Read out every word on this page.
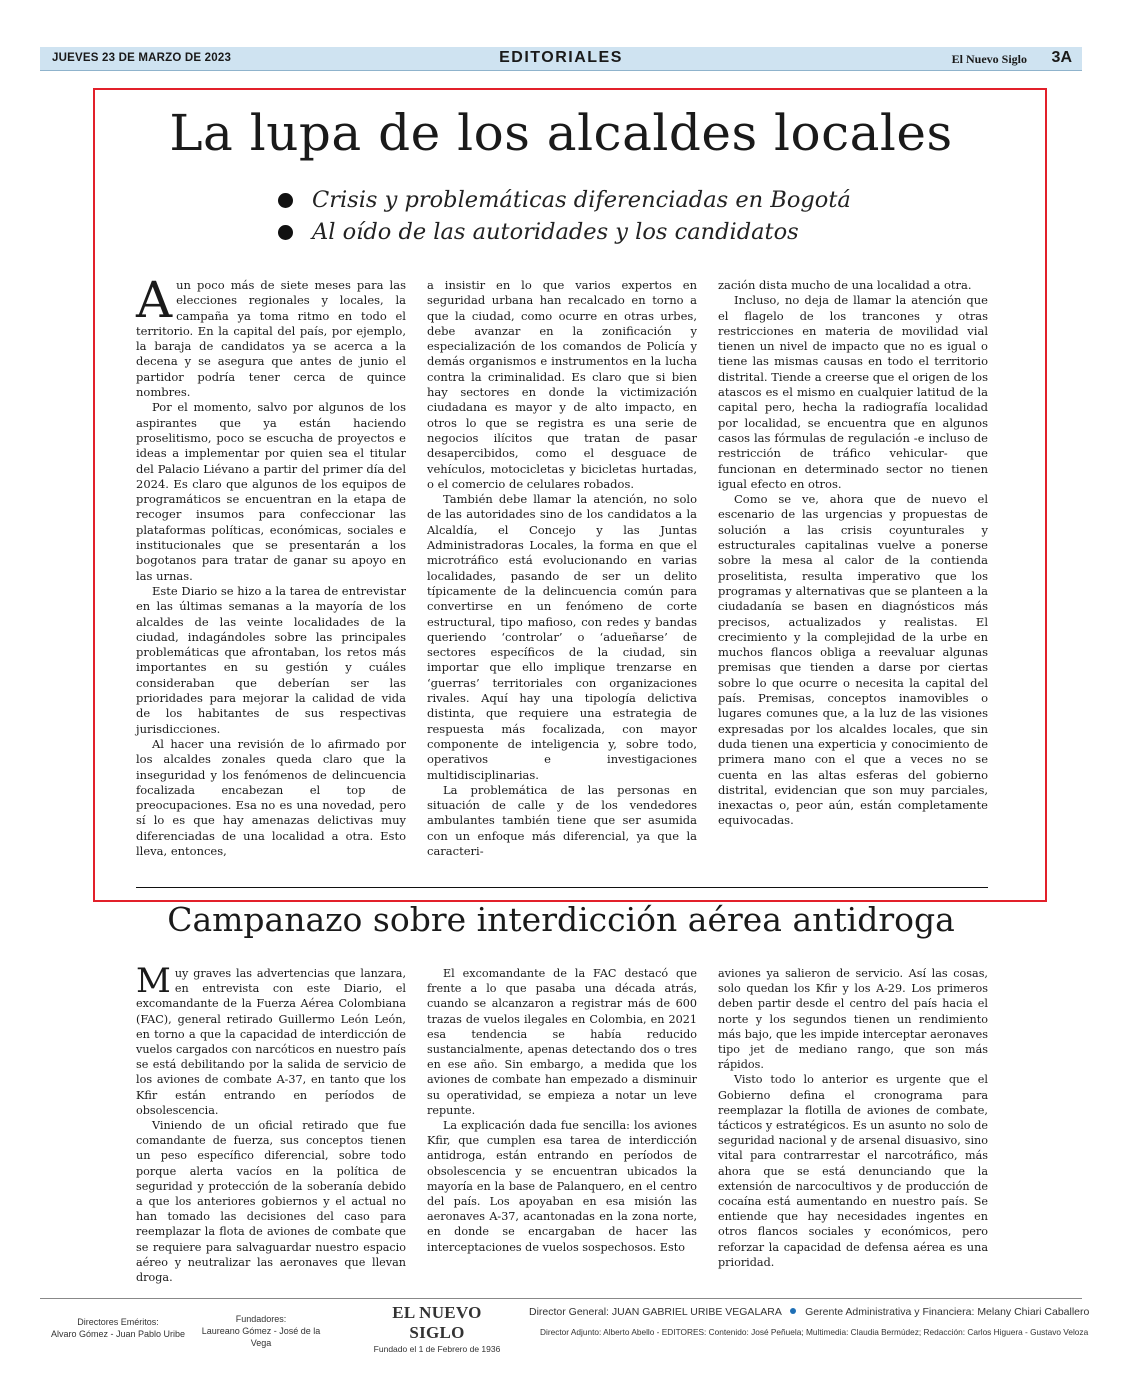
JUEVES 23 DE MARZO DE 2023	EDITORIALES	El Nuevo Siglo 3A
La lupa de los alcaldes locales
Crisis y problemáticas diferenciadas en Bogotá
Al oído de las autoridades y los candidatos

Aun poco más de siete meses para las elecciones regionales y locales, la campaña ya toma ritmo en todo el territorio. En la capital del país, por ejemplo, la baraja de candidatos ya se acerca a la decena y se asegura que antes de junio el partidor podría tener cerca de quince nombres.

Por el momento, salvo por algunos de los aspirantes que ya están haciendo proselitismo, poco se escucha de proyectos e ideas a implementar por quien sea el titular del Palacio Liévano a partir del primer día del 2024. Es claro que algunos de los equipos de programáticos se encuentran en la etapa de recoger insumos para confeccionar las plataformas políticas, económicas, sociales e institucionales que se presentarán a los bogotanos para tratar de ganar su apoyo en las urnas.

Este Diario se hizo a la tarea de entrevistar en las últimas semanas a la mayoría de los alcaldes de las veinte localidades de la ciudad, indagándoles sobre las principales problemáticas que afrontaban, los retos más importantes en su gestión y cuáles consideraban que deberían ser las prioridades para mejorar la calidad de vida de los habitantes de sus respectivas jurisdicciones.

Al hacer una revisión de lo afirmado por los alcaldes zonales queda claro que la inseguridad y los fenómenos de delincuencia focalizada encabezan el top de preocupaciones. Esa no es una novedad, pero sí lo es que hay amenazas delictivas muy diferenciadas de una localidad a otra. Esto lleva, entonces,

a insistir en lo que varios expertos en seguridad urbana han recalcado en torno a que la ciudad, como ocurre en otras urbes, debe avanzar en la zonificación y especialización de los comandos de Policía y demás organismos e instrumentos en la lucha contra la criminalidad. Es claro que si bien hay sectores en donde la victimización ciudadana es mayor y de alto impacto, en otros lo que se registra es una serie de negocios ilícitos que tratan de pasar desapercibidos, como el desguace de vehículos, motocicletas y bicicletas hurtadas, o el comercio de celulares robados.

También debe llamar la atención, no solo de las autoridades sino de los candidatos a la Alcaldía, el Concejo y las Juntas Administradoras Locales, la forma en que el microtráfico está evolucionando en varias localidades, pasando de ser un delito típicamente de la delincuencia común para convertirse en un fenómeno de corte estructural, tipo mafioso, con redes y bandas queriendo ‘controlar’ o ‘adueñarse’ de sectores específicos de la ciudad, sin importar que ello implique trenzarse en ‘guerras’ territoriales con organizaciones rivales. Aquí hay una tipología delictiva distinta, que requiere una estrategia de respuesta más focalizada, con mayor componente de inteligencia y, sobre todo, operativos e investigaciones multidisciplinarias.

La problemática de las personas en situación de calle y de los vendedores ambulantes también tiene que ser asumida con un enfoque más diferencial, ya que la caracteri-

zación dista mucho de una localidad a otra.

Incluso, no deja de llamar la atención que el flagelo de los trancones y otras restricciones en materia de movilidad vial tienen un nivel de impacto que no es igual o tiene las mismas causas en todo el territorio distrital. Tiende a creerse que el origen de los atascos es el mismo en cualquier latitud de la capital pero, hecha la radiografía localidad por localidad, se encuentra que en algunos casos las fórmulas de regulación -e incluso de restricción de tráfico vehicular- que funcionan en determinado sector no tienen igual efecto en otros.

Como se ve, ahora que de nuevo el escenario de las urgencias y propuestas de solución a las crisis coyunturales y estructurales capitalinas vuelve a ponerse sobre la mesa al calor de la contienda proselitista, resulta imperativo que los programas y alternativas que se planteen a la ciudadanía se basen en diagnósticos más precisos, actualizados y realistas. El crecimiento y la complejidad de la urbe en muchos flancos obliga a reevaluar algunas premisas que tienden a darse por ciertas sobre lo que ocurre o necesita la capital del país. Premisas, conceptos inamovibles o lugares comunes que, a la luz de las visiones expresadas por los alcaldes locales, que sin duda tienen una experticia y conocimiento de primera mano con el que a veces no se cuenta en las altas esferas del gobierno distrital, evidencian que son muy parciales, inexactas o, peor aún, están completamente equivocadas.

Campanazo sobre interdicción aérea antidroga

Muy graves las advertencias que lanzara, en entrevista con este Diario, el excomandante de la Fuerza Aérea Colombiana (FAC), general retirado Guillermo León León, en torno a que la capacidad de interdicción de vuelos cargados con narcóticos en nuestro país se está debilitando por la salida de servicio de los aviones de combate A-37, en tanto que los Kfir están entrando en períodos de obsolescencia.

Viniendo de un oficial retirado que fue comandante de fuerza, sus conceptos tienen un peso específico diferencial, sobre todo porque alerta vacíos en la política de seguridad y protección de la soberanía debido a que los anteriores gobiernos y el actual no han tomado las decisiones del caso para reemplazar la flota de aviones de combate que se requiere para salvaguardar nuestro espacio aéreo y neutralizar las aeronaves que llevan droga.

El excomandante de la FAC destacó que frente a lo que pasaba una década atrás, cuando se alcanzaron a registrar más de 600 trazas de vuelos ilegales en Colombia, en 2021 esa tendencia se había reducido sustancialmente, apenas detectando dos o tres en ese año. Sin embargo, a medida que los aviones de combate han empezado a disminuir su operatividad, se empieza a notar un leve repunte.

La explicación dada fue sencilla: los aviones Kfir, que cumplen esa tarea de interdicción antidroga, están entrando en períodos de obsolescencia y se encuentran ubicados la mayoría en la base de Palanquero, en el centro del país. Los apoyaban en esa misión las aeronaves A-37, acantonadas en la zona norte, en donde se encargaban de hacer las interceptaciones de vuelos sospechosos. Esto

aviones ya salieron de servicio. Así las cosas, solo quedan los Kfir y los A-29. Los primeros deben partir desde el centro del país hacia el norte y los segundos tienen un rendimiento más bajo, que les impide interceptar aeronaves tipo jet de mediano rango, que son más rápidos.

Visto todo lo anterior es urgente que el Gobierno defina el cronograma para reemplazar la flotilla de aviones de combate, tácticos y estratégicos. Es un asunto no solo de seguridad nacional y de arsenal disuasivo, sino vital para contrarrestar el narcotráfico, más ahora que se está denunciando que la extensión de narcocultivos y de producción de cocaína está aumentando en nuestro país. Se entiende que hay necesidades ingentes en otros flancos sociales y económicos, pero reforzar la capacidad de defensa aérea es una prioridad.

Directores Eméritos:
Alvaro Gómez - Juan Pablo Uribe
Fundadores:
Laureano Gómez - José de la Vega
EL NUEVO SIGLO
Fundado el 1 de Febrero de 1936
Director General: JUAN GABRIEL URIBE VEGALARA Gerente Administrativa y Financiera: Melany Chiari Caballero
Director Adjunto: Alberto Abello - EDITORES: Contenido: José Peñuela; Multimedia: Claudia Bermúdez; Redacción: Carlos Higuera - Gustavo Veloza
